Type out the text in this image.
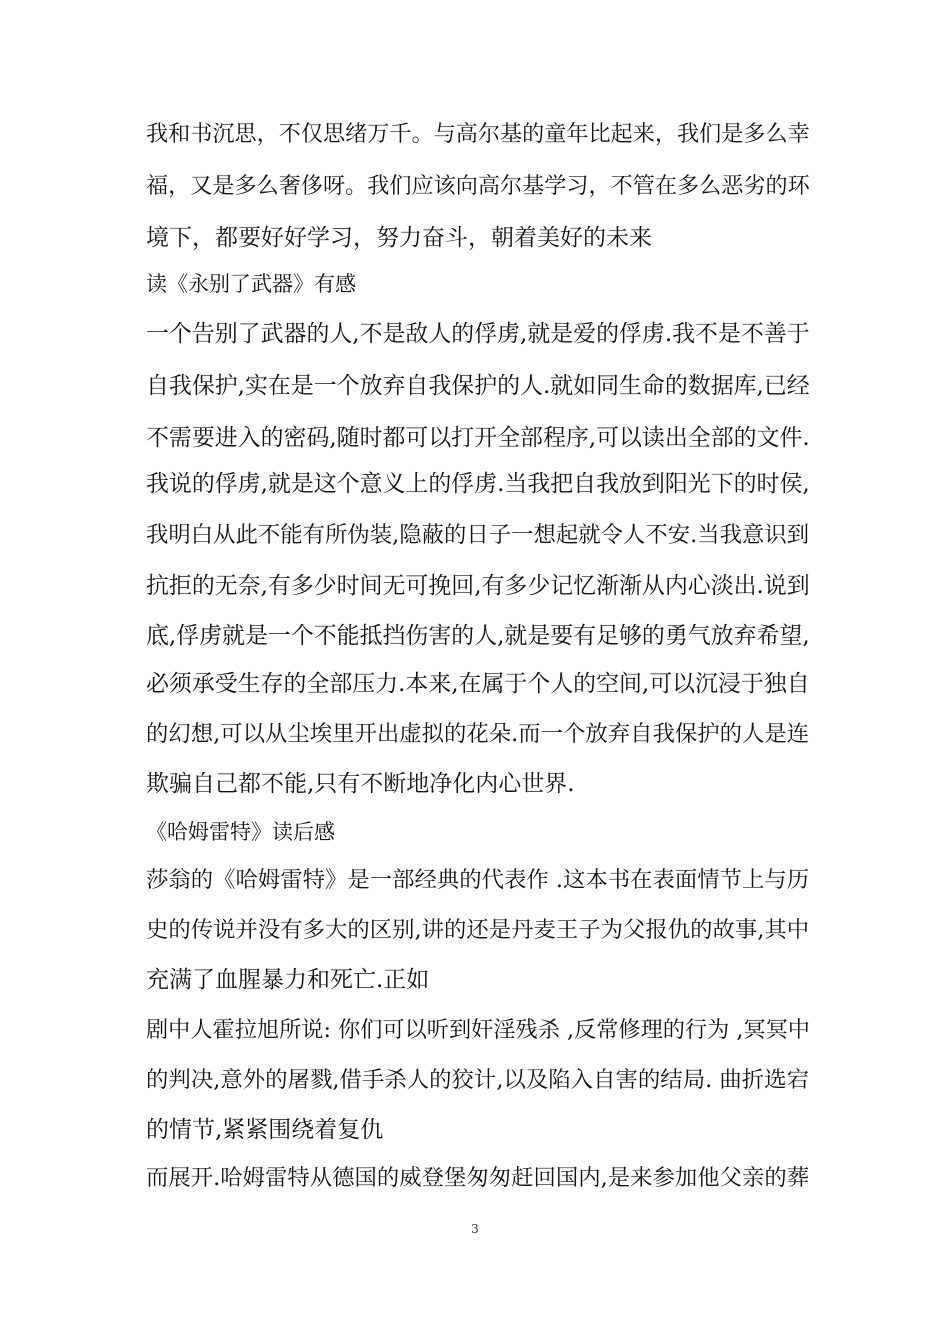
我和书沉思，不仅思绪万千。与高尔基的童年比起来，我们是多么幸
福，又是多么奢侈呀。我们应该向高尔基学习，不管在多么恶劣的环
境下，都要好好学习，努力奋斗，朝着美好的未来
读《永别了武器》有感
一个告别了武器的人,不是敌人的俘虏,就是爱的俘虏.我不是不善于
自我保护,实在是一个放弃自我保护的人.就如同生命的数据库,已经
不需要进入的密码,随时都可以打开全部程序,可以读出全部的文件.
我说的俘虏,就是这个意义上的俘虏.当我把自我放到阳光下的时侯,
我明白从此不能有所伪装,隐蔽的日子一想起就令人不安.当我意识到
抗拒的无奈,有多少时间无可挽回,有多少记忆渐渐从内心淡出.说到
底,俘虏就是一个不能抵挡伤害的人,就是要有足够的勇气放弃希望,
必须承受生存的全部压力.本来,在属于个人的空间,可以沉浸于独自
的幻想,可以从尘埃里开出虚拟的花朵.而一个放弃自我保护的人是连
欺骗自己都不能,只有不断地净化内心世界.
《哈姆雷特》读后感
莎翁的《哈姆雷特》是一部经典的代表作 .这本书在表面情节上与历
史的传说并没有多大的区别,讲的还是丹麦王子为父报仇的故事,其中
充满了血腥暴力和死亡.正如
剧中人霍拉旭所说: 你们可以听到奸淫残杀 ,反常修理的行为 ,冥冥中
的判决,意外的屠戮,借手杀人的狡计,以及陷入自害的结局. 曲折选宕
的情节,紧紧围绕着复仇
而展开.哈姆雷特从德国的威登堡匆匆赶回国内,是来参加他父亲的葬
3
